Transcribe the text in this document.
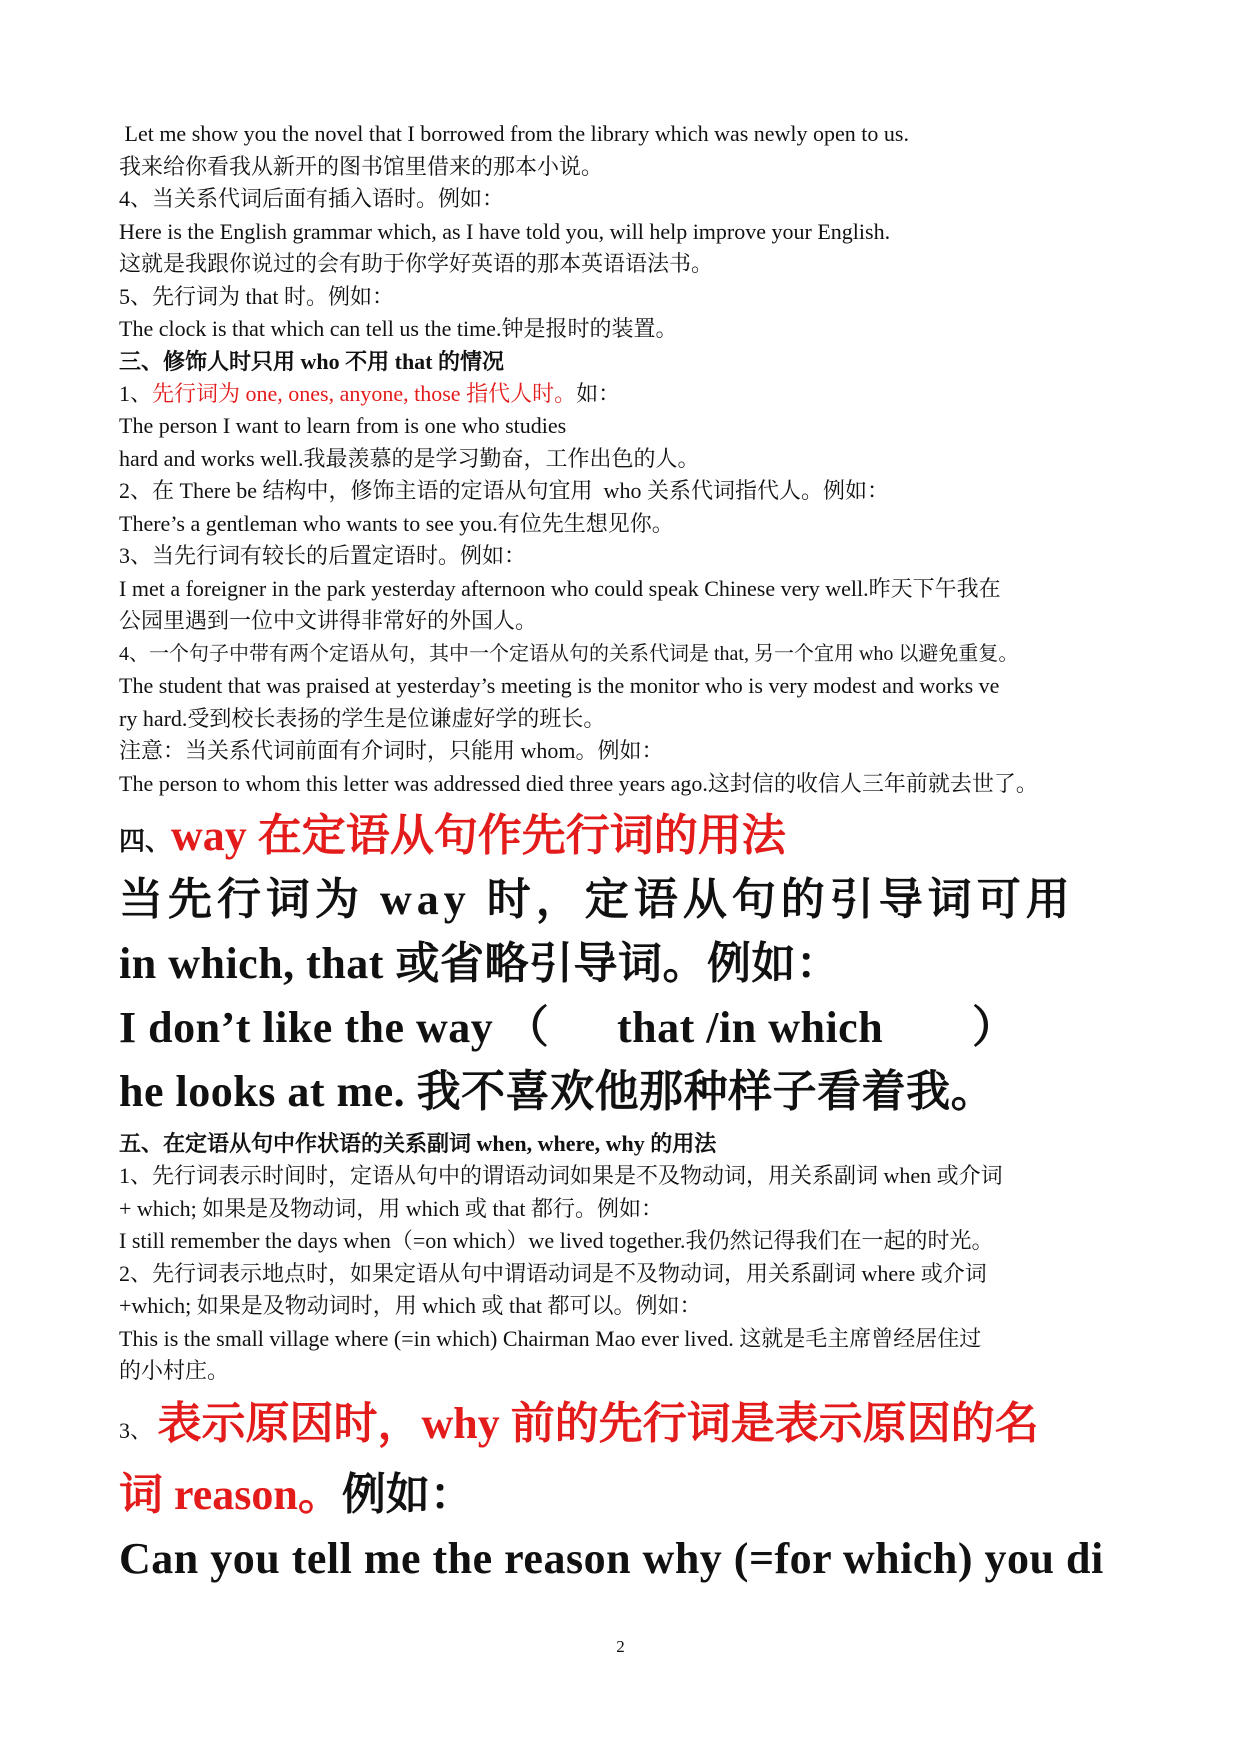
Let me show you the novel that I borrowed from the library which was newly open to us.
我来给你看我从新开的图书馆里借来的那本小说。
4、当关系代词后面有插入语时。例如：
Here is the English grammar which, as I have told you, will help improve your English.
这就是我跟你说过的会有助于你学好英语的那本英语语法书。
5、先行词为 that 时。例如：
The clock is that which can tell us the time.钟是报时的装置。
三、修饰人时只用 who 不用 that 的情况
1、先行词为 one, ones, anyone, those 指代人时。如：
The person I want to learn from is one who studies
hard and works well.我最羡慕的是学习勤奋，工作出色的人。
2、在 There be 结构中，修饰主语的定语从句宜用  who 关系代词指代人。例如：
There’s a gentleman who wants to see you.有位先生想见你。
3、当先行词有较长的后置定语时。例如：
I met a foreigner in the park yesterday afternoon who could speak Chinese very well.昨天下午我在
公园里遇到一位中文讲得非常好的外国人。
4、一个句子中带有两个定语从句，其中一个定语从句的关系代词是 that, 另一个宜用 who 以避免重复。
The student that was praised at yesterday’s meeting is the monitor who is very modest and works ve
ry hard.受到校长表扬的学生是位谦虚好学的班长。
注意：当关系代词前面有介词时，只能用 whom。例如：
The person to whom this letter was addressed died three years ago.这封信的收信人三年前就去世了。
四、way 在定语从句作先行词的用法
当先行词为 way 时，定语从句的引导词可用
in which, that 或省略引导词。例如：
I don’t like the way （ that /in which	）
he looks at me. 我不喜欢他那种样子看着我。
五、在定语从句中作状语的关系副词 when, where, why 的用法
1、先行词表示时间时，定语从句中的谓语动词如果是不及物动词，用关系副词 when 或介词
+ which; 如果是及物动词，用 which 或 that 都行。例如：
I still remember the days when（=on which）we lived together.我仍然记得我们在一起的时光。
2、先行词表示地点时，如果定语从句中谓语动词是不及物动词，用关系副词 where 或介词
+which; 如果是及物动词时，用 which 或 that 都可以。例如：
This is the small village where (=in which) Chairman Mao ever lived. 这就是毛主席曾经居住过
的小村庄。
3、 表示原因时，why 前的先行词是表示原因的名
词 reason。例如：
Can you tell me the reason why (=for which) you di
2
